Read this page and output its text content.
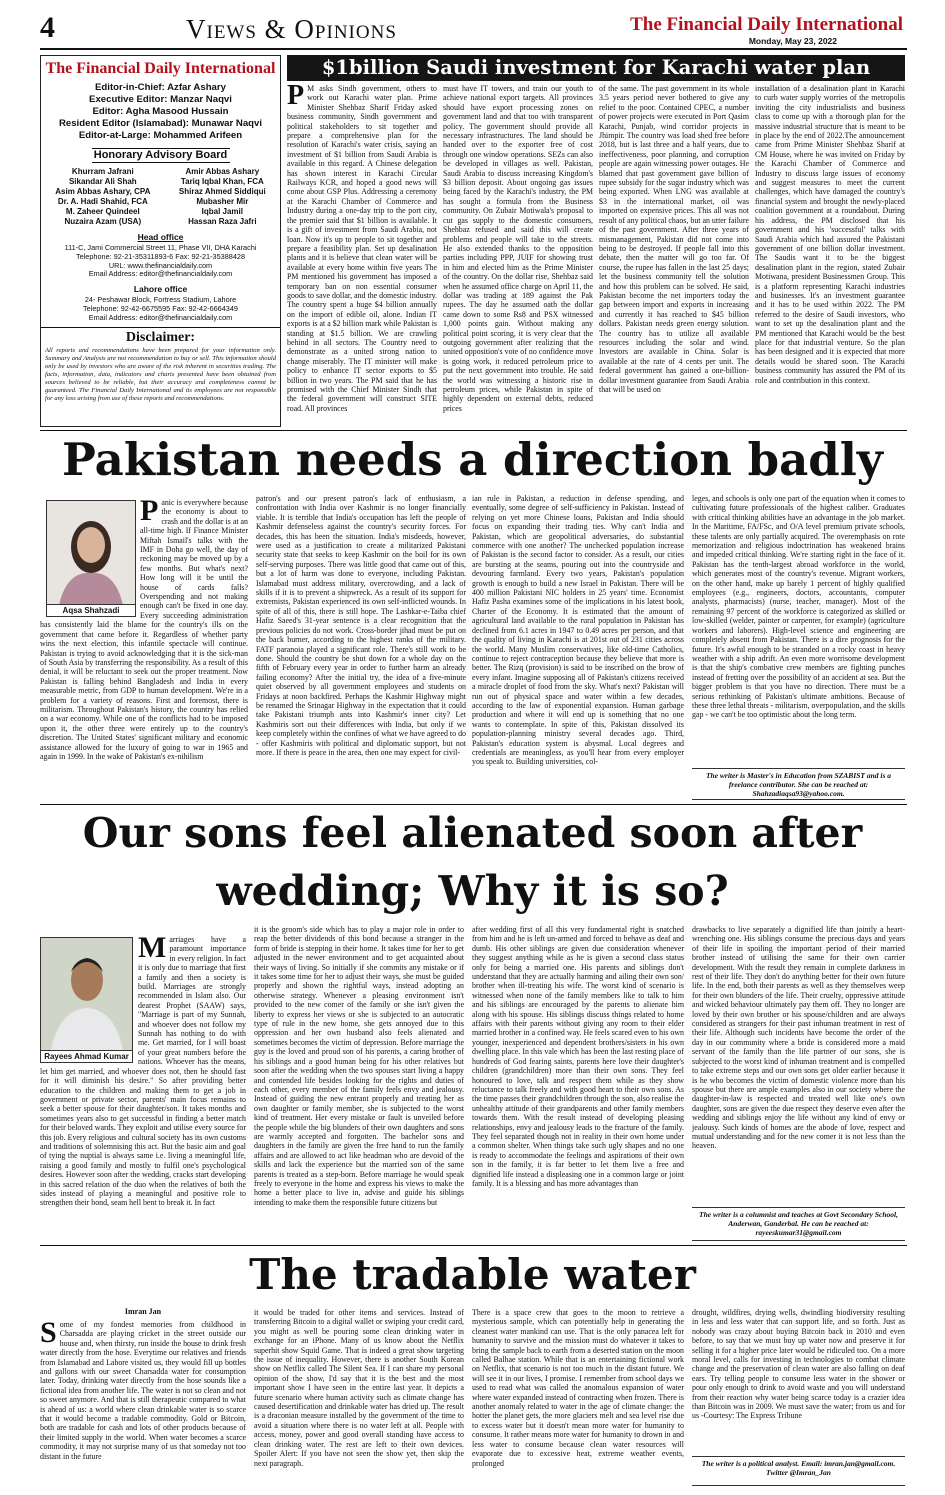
4	Views & Opinions	The Financial Daily International
Monday, May 23, 2022
The Financial Daily International
Editor-in-Chief: Azfar Ashary
Executive Editor: Manzar Naqvi
Editor: Agha Masood Hussain
Resident Editor (Islamabad): Munawar Naqvi
Editor-at-Large: Mohammed Arifeen
Honorary Advisory Board
Khurram Jafrani
Sikandar Ali Shah
Asim Abbas Ashary, CPA
Dr. A. Hadi Shahid, FCA
M. Zaheer Quindeel
Nuzaira Azam (USA)
Amir Abbas Ashary
Tariq Iqbal Khan, FCA
Shiraz Ahmed Siddiqui
Mubasher Mir
Iqbal Jamil
Hassan Raza Jafri
Head office
111-C, Jami Commercial Street 11, Phase VII, DHA Karachi
Telephone: 92-21-35311893-6 Fax: 92-21-35388428
URL: www.thefinancialdaily.com
Email Address: editor@thefinancialdaily.com
Lahore office
24- Peshawar Block, Fortress Stadium, Lahore
Telephone: 92-42-6675595 Fax: 92-42-6664349
Email Address: editor@thefinancialdaily.com
Disclaimer:
All reports and recommendations have been prepared for your information only. Summary and Analysis are not recommendation to buy or sell. This information should only be used by investors who are aware of the risk inherent in securities trading. The facts, information, data, indicators and charts presented have been obtained from sources believed to be reliable, but their accuracy and completeness cannot be guaranteed. The Financial Daily International and its employees are not responsible for any loss arising from use of these reports and recommendations.
$1billion Saudi investment for Karachi water plan
P M asks Sindh government, others to work out Karachi water plan. Prime Minister Shehbaz Sharif Friday asked business community, Sindh government and political stakeholders to sit together and prepare a comprehensive plan for the resolution of Karachi's water crisis, saying an investment of $1 billion from Saudi Arabia is available in this regard. A Chinese delegation has shown interest in Karachi Circular Railways KCR, and hoped a good news will come about GSP Plus. Addressing a ceremony at the Karachi Chamber of Commerce and Industry during a one-day trip to the port city, the premier said that $1 billion is available. It is a gift of investment from Saudi Arabia, not loan. Now it's up to people to sit together and prepare a feasibility plan. Set up desalination plants and it is believe that clean water will be available at every home within five years The PM mentioned his government has imposed a temporary ban on non essential consumer goods to save dollar, and the domestic industry. The country spent a huge $4 billion annually on the import of edible oil, alone. Indian IT exports is at a $2 billion mark while Pakistan is standing at $1.5 billion. We are crawling behind in all sectors. The Country need to demonstrate as a united strong nation to change miserably. The IT minister will make policy to enhance IT sector exports to $5 billion in two years. The PM said that he has promised with the Chief Minister Sindh that the federal government will construct SITE road. All provinces
must have IT towers, and train our youth to achieve national export targets. All provinces should have export processing zones on government land and that too with transparent policy. The government should provide all necessary infrastructures. The land should be handed over to the exporter free of cost through one window operations. SEZs can also be developed in villages as well. Pakistan, Saudi Arabia to discuss increasing Kingdom's $3 billion deposit. About ongoing gas issues being faced by the Karachi's industry, the PM has sought a formula from the Business community. On Zubair Motiwala's proposal to cut gas supply to the domestic consumers, Shehbaz refused and said this will create problems and people will take to the streets. He also extended thanks to the opposition parties including PPP, JUIF for showing trust in him and elected him as the Prime Minister of the country. On the dollar rise, Shehbaz said when he assumed office charge on April 11, the dollar was trading at 189 against the Pak rupees. The day he assumed oath the dollar came down to some Rs8 and PSX witnessed 1,000 points gain. Without making any political point scoring, it is very clear that the outgoing government after realizing that the united opposition's vote of no confidence move is going work, it reduced petroleum price to put the next government into trouble. He said the world was witnessing a historic rise in petroleum prices, while Pakistan in spite of highly dependent on external debts, reduced prices
of the same. The past government in its whole 3.5 years period never bothered to give any relief to the poor. Contained CPEC, a number of power projects were executed in Port Qasim Karachi, Punjab, wind corridor projects in Jhimpir. The country was load shed free before 2018, but is last three and a half years, due to ineffectiveness, poor planning, and corruption people are again witnessing power outages. He blamed that past government gave billion of rupee subsidy for the sugar industry which was being exported. When LNG was available at $3 in the international market, oil was imported on expensive prices. This all was not result of any political chaos, but an utter failure of the past government. After three years of mismanagement, Pakistan did not come into being to be destroyed. If people fall into this debate, then the matter will go too far. Of course, the rupee has fallen in the last 25 days; let the business community tell the solution and how this problem can be solved. He said, Pakistan become the net importers today the gap between import and exports in increasing and currently it has reached to $45 billion dollars. Pakistan needs green energy solution. The country has to utilize all available resources including the solar and wind. Investors are available in China. Solar is available at the rate of 4 cents per unit. The federal government has gained a one-billion-dollar investment guarantee from Saudi Arabia that will be used on
installation of a desalination plant in Karachi to curb water supply worries of the metropolis inviting the city industrialists and business class to come up with a thorough plan for the massive industrial structure that is meant to be in place by the end of 2022.The announcement came from Prime Minister Shehbaz Sharif at CM House, where he was invited on Friday by the Karachi Chamber of Commerce and Industry to discuss large issues of economy and suggest measures to meet the current challenges, which have damaged the country's financial system and brought the newly-placed coalition government at a roundabout. During his address, the PM disclosed that his government and his 'successful' talks with Saudi Arabia which had assured the Pakistani government of one billion dollar investment. The Saudis want it to be the biggest desalination plant in the region, stated Zubair Motiwana, president Businessmen Group. This is a platform representing Karachi industries and businesses. It's an investment guarantee and it has to be used within 2022. The PM referred to the desire of Saudi investors, who want to set up the desalination plant and the PM mentioned that Karachi would be the best place for that industrial venture. So the plan has been designed and it is expected that more details would be shared soon. The Karachi business community has assured the PM of its role and contribution in this context.
Pakistan needs a direction badly
Aqsa Shahzadi
Panic is everywhere because the economy is about to crash and the dollar is at an all-time high. If Finance Minister Miftah Ismail's talks with the IMF in Doha go well, the day of reckoning may be moved up by a few months. But what's next? How long will it be until the house of cards falls? Overspending and not making enough can't be fixed in one day. Every succeeding administration has consistently laid the blame for the country's ills on the government that came before it. Regardless of whether party wins the next election, this infantile spectacle will continue. Pakistan is trying to avoid acknowledging that it is the sick-man of South Asia by transferring the responsibility. As a result of this denial, it will be reluctant to seek out the proper treatment. Now Pakistan is falling behind Bangladesh and India in every measurable metric, from GDP to human development. We're in a problem for a variety of reasons. First and foremost, there is militarism. Throughout Pakistan's history, the country has relied on a war economy. While one of the conflicts had to be imposed upon it, the other three were entirely up to the country's discretion. The United States' significant military and economic assistance allowed for the luxury of going to war in 1965 and again in 1999. In the wake of Pakistan's ex-nihilism
patron's and our present patron's lack of enthusiasm, a confrontation with India over Kashmir is no longer financially viable. It is terrible that India's occupation has left the people of Kashmir defenseless against the country's security forces. For decades, this has been the situation. India's misdeeds, however, were used as a justification to create a militarized Pakistani security state that seeks to keep Kashmir on the boil for its own self-serving purposes. There was little good that came out of this, but a lot of harm was done to everyone, including Pakistan. Islamabad must address military, overcrowding, and a lack of skills if it is to prevent a shipwreck. As a result of its support for extremists, Pakistan experienced its own self-inflicted wounds. In spite of all of this, there is still hope. The Lashkar-e-Taiba chief Hafiz Saeed's 31-year sentence is a clear recognition that the previous policies do not work. Cross-border jihad must be put on the back burner, according to the highest ranks of the military. FATF paranoia played a significant role. There's still work to be done. Should the country be shut down for a whole day on the fifth of February every year in order to further harm an already failing economy? After the initial try, the idea of a five-minute quiet observed by all government employees and students on Fridays at noon backfired. Perhaps the Kashmir Highway might be renamed the Srinagar Highway in the expectation that it could take Pakistani triumph ants into Kashmir's inner city? Let Kashmiris sort out their differences with India, but only if we keep completely within the confines of what we have agreed to do - offer Kashmiris with political and diplomatic support, but not more. If there is peace in the area, then one may expect for civil-
ian rule in Pakistan, a reduction in defense spending, and eventually, some degree of self-sufficiency in Pakistan. Instead of relying on yet more Chinese loans, Pakistan and India should focus on expanding their trading ties. Why can't India and Pakistan, which are geopolitical adversaries, do substantial commerce with one another? The unchecked population increase of Pakistan is the second factor to consider. As a result, our cities are bursting at the seams, pouring out into the countryside and devouring farmland. Every two years, Pakistan's population growth is enough to build a new Israel in Pakistan. There will be 400 million Pakistani NIC holders in 25 years' time. Economist Hafiz Pasha examines some of the implications in his latest book, Charter of the Economy. It is estimated that the amount of agricultural land available to the rural population in Pakistan has declined from 6.1 acres in 1947 to 0.49 acres per person, and that the quality of living in Karachi is at 201st out of 231 cities across the world. Many Muslim conservatives, like old-time Catholics, continue to reject contraception because they believe that more is better. The Rizq (provision) is said to be inscribed on the brow of every infant. Imagine supposing all of Pakistan's citizens received a miracle droplet of food from the sky. What's next? Pakistan will run out of physical space and water within a few decades, according to the law of exponential expansion. Human garbage production and where it will end up is something that no one wants to contemplate. In spite of this, Pakistan dissolved its population-planning ministry several decades ago. Third, Pakistan's education system is abysmal. Local degrees and credentials are meaningless, as you'll hear from every employer you speak to. Building universities, col-
leges, and schools is only one part of the equation when it comes to cultivating future professionals of the highest caliber. Graduates with critical thinking abilities have an advantage in the job market. In the Maritime, FA/FSc, and O/A level premium private schools, these talents are only partially acquired. The overemphasis on rote memorization and religious indoctrination has weakened brains and impeded critical thinking. We're starting right in the face of it. Pakistan has the tenth-largest abroad workforce in the world, which generates most of the country's revenue. Migrant workers, on the other hand, make up barely 1 percent of highly qualified employees (e.g., engineers, doctors, accountants, computer analysts, pharmacists) (nurse, teacher, manager). Most of the remaining 97 percent of the workforce is categorized as skilled or low-skilled (welder, painter or carpenter, for example) (agriculture workers and laborers). High-level science and engineering are completely absent from Pakistan. There is a dire prognosis for the future. It's awful enough to be stranded on a rocky coast in heavy weather with a ship adrift. An even more worrisome development is that the ship's combative crew members are fighting punches instead of fretting over the possibility of an accident at sea. But the bigger problem is that you have no direction. There must be a serious rethinking of Pakistan's ultimate ambitions. Because of these three lethal threats - militarism, overpopulation, and the skills gap - we can't be too optimistic about the long term.
The writer is Master's in Education from SZABIST and is a freelance contributor. She can be reached at: Shahzadiaqsa93@yahoo.com.
Our sons feel alienated soon after
wedding; Why it is so?
Rayees Ahmad Kumar
Marriages have a paramount importance in every religion. In fact it is only due to marriage that first a family and then a society is build. Marriages are strongly recommended in Islam also. Our dearest Prophet (SAAW) says, "Marriage is part of my Sunnah, and whoever does not follow my Sunnah has nothing to do with me. Get married, for I will boast of your great numbers before the nations. Whoever has the means, let him get married, and whoever does not, then he should fast for it will diminish his desire." So after providing better education to the children and making them to get a job in government or private sector, parents' main focus remains to seek a better spouse for their daughter/son. It takes months and sometimes years also to get successful in finding a better match for their beloved wards. They exploit and utilise every source for this job. Every religious and cultural society has its own customs and traditions of solemnising this act. But the basic aim and goal of tying the nuptial is always same i.e. living a meaningful life, raising a good family and mostly to fulfil one's psychological desires. However soon after the wedding, cracks start developing in this sacred relation of the duo when the relatives of both the sides instead of playing a meaningful and positive role to strengthen their bond, seam hell bent to break it. In fact
it is the groom's side which has to play a major role in order to reap the better dividends of this bond because a stranger in the form of bride is stepping in their home. It takes time for her to get adjusted in the newer environment and to get acquainted about their ways of living. So initially if she commits any mistake or if it takes some time for her to adjust their ways, she must be guided properly and shown the rightful ways, instead adopting an otherwise strategy. Whenever a pleasing environment isn't provided to the new comer of the family or she isn't given the liberty to express her views or she is subjected to an autocratic type of rule in the new home, she gets annoyed due to this oppression and her own husband also feels alienated and sometimes becomes the victim of depression. Before marriage the guy is the loved and proud son of his parents, a caring brother of his siblings and a good human being for his other relatives but soon after the wedding when the two spouses start living a happy and contended life besides looking for the rights and duties of each other, every member of the family feels envy and jealousy. Instead of guiding the new entrant properly and treating her as own daughter or family member, she is subjected to the worst kind of treatment. Her every mistake or fault is unveiled before the people while the big blunders of their own daughters and sons are warmly accepted and forgotten. The bachelor sons and daughters in the family are given the free hand to run the family affairs and are allowed to act like headman who are devoid of the skills and lack the experience but the married son of the same parents is treated as a step-born. Before marriage he would speak freely to everyone in the home and express his views to make the home a better place to live in, advise and guide his siblings intending to make them the responsible future citizens but
after wedding first of all this very fundamental right is snatched from him and he is left un-armed and forced to behave as deaf and dumb. His other siblings are given due consideration whenever they suggest anything while as he is given a second class status only for being a married one. His parents and siblings don't understand that they are actually harming and ailing their own son/ brother when ill-treating his wife. The worst kind of scenario is witnessed when none of the family members like to talk to him and his siblings are encouraged by the parents to alienate him along with his spouse. His siblings discuss things related to home affairs with their parents without giving any room to their elder married brother in a confined way. He feels scared even to his own younger, inexperienced and dependent brothers/sisters in his own dwelling place. In this vale which has been the last resting place of hundreds of God fearing saints, parents here love their daughter's children (grandchildren) more than their own sons. They feel honoured to love, talk and respect them while as they show reluctance to talk freely and with good heart to their own sons. As the time passes their grandchildren through the son, also realise the unhealthy attitude of their grandparents and other family members towards them. With the result instead of developing pleasing relationships, envy and jealousy leads to the fracture of the family. They feel separated though not in reality in their own home under a common shelter. When things take such ugly shapes and no one is ready to accommodate the feelings and aspirations of their own son in the family, it is far better to let them live a free and dignified life instead a displeasing one in a common large or joint family. It is a blessing and has more advantages than
drawbacks to live separately a dignified life than jointly a heart-wrenching one. His siblings consume the precious days and years of their life in spoiling the important period of their married brother instead of utilising the same for their own carrier development. With the result they remain in complete darkness in rest of their life. They don't do anything better for their own future life. In the end, both their parents as well as they themselves weep for their own blunders of the life. Their cruelty, oppressive attitude and wicked behaviour ultimately pay them off. They no longer are loved by their own brother or his spouse/children and are always considered as strangers for their past inhuman treatment in rest of their life. Although such incidents have become the order of the day in our community where a bride is considered more a maid servant of the family than the life partner of our sons, she is subjected to the worst kind of inhuman treatment and is compelled to take extreme steps and our own sons get older earlier because it is he who becomes the victim of domestic violence more than his spouse but there are ample examples also in our society where the daughter-in-law is respected and treated well like one's own daughter, sons are given the due respect they deserve even after the wedding and siblings enjoy the life without any kind of envy or jealousy. Such kinds of homes are the abode of love, respect and mutual understanding and for the new comer it is not less than the heaven.
The writer is a columnist and teaches at Govt Secondary School, Anderwan, Ganderbal. He can be reached at: rayeeskumar31@gmail.com
The tradable water
Imran Jan
Some of my fondest memories from childhood in Charsadda are playing cricket in the street outside our house and, when thirsty, run inside the house to drink fresh water directly from the hose. Everytime our relatives and friends from Islamabad and Lahore visited us, they would fill up bottles and gallons with our sweet Charsadda water for consumption later. Today, drinking water directly from the hose sounds like a fictional idea from another life. The water is not so clean and not so sweet anymore. And that is still therapeutic compared to what is ahead of us: a world where clean drinkable water is so scarce that it would become a tradable commodity. Gold or Bitcoin, both are tradable for cash and lots of other products because of their limited supply in the world. When water becomes a scarce commodity, it may not surprise many of us that someday not too distant in the future
it would be traded for other items and services. Instead of transferring Bitcoin to a digital wallet or swiping your credit card, you might as well be pouring some clean drinking water in exchange for an iPhone. Many of us know about the Netflix superhit show Squid Game. That is indeed a great show targeting the issue of inequality. However, there is another South Korean show on Netflix called The Silent Sea. If I can share my personal opinion of the show, I'd say that it is the best and the most important show I have seen in the entire last year. It depicts a future scenario where human activity such as climate change has caused desertification and drinkable water has dried up. The result is a draconian measure installed by the government of the time to avoid a situation where there is no water left at all. People with access, money, power and good overall standing have access to clean drinking water. The rest are left to their own devices. Spoiler Alert: If you have not seen the show yet, then skip the next paragraph.
There is a space crew that goes to the moon to retrieve a mysterious sample, which can potentially help in generating the cleanest water mankind can use. That is the only panacea left for humanity to survive and the mission must do whatever it takes to bring the sample back to earth from a deserted station on the moon called Balhae station. While that is an entertaining fictional work on Netflix, that scenario is not too much in the distant future. We will see it in our lives, I promise. I remember from school days we used to read what was called the anomalous expansion of water where water expanded instead of contracting when frozen. There is another anomaly related to water in the age of climate change: the hotter the planet gets, the more glaciers melt and sea level rise due to excess water but it doesn't mean more water for humanity to consume. It rather means more water for humanity to drown in and less water to consume because clean water resources will evaporate due to excessive heat, extreme weather events, prolonged
drought, wildfires, drying wells, dwindling biodiversity resulting in less and less water that can support life, and so forth. Just as nobody was crazy about buying Bitcoin back in 2010 and even before, to say that we must buy up water now and preserve it for selling it for a higher price later would be ridiculed too. On a more moral level, calls for investing in technologies to combat climate change and the preservation of clean water are also falling on deaf ears. Try telling people to consume less water in the shower or pour only enough to drink to avoid waste and you will understand from their reaction why water being scarce today is a crazier idea than Bitcoin was in 2009. We must save the water; from us and for us -Courtesy: The Express Tribune
The writer is a political analyst. Email: imran.jan@gmail.com. Twitter @Imran_Jan
